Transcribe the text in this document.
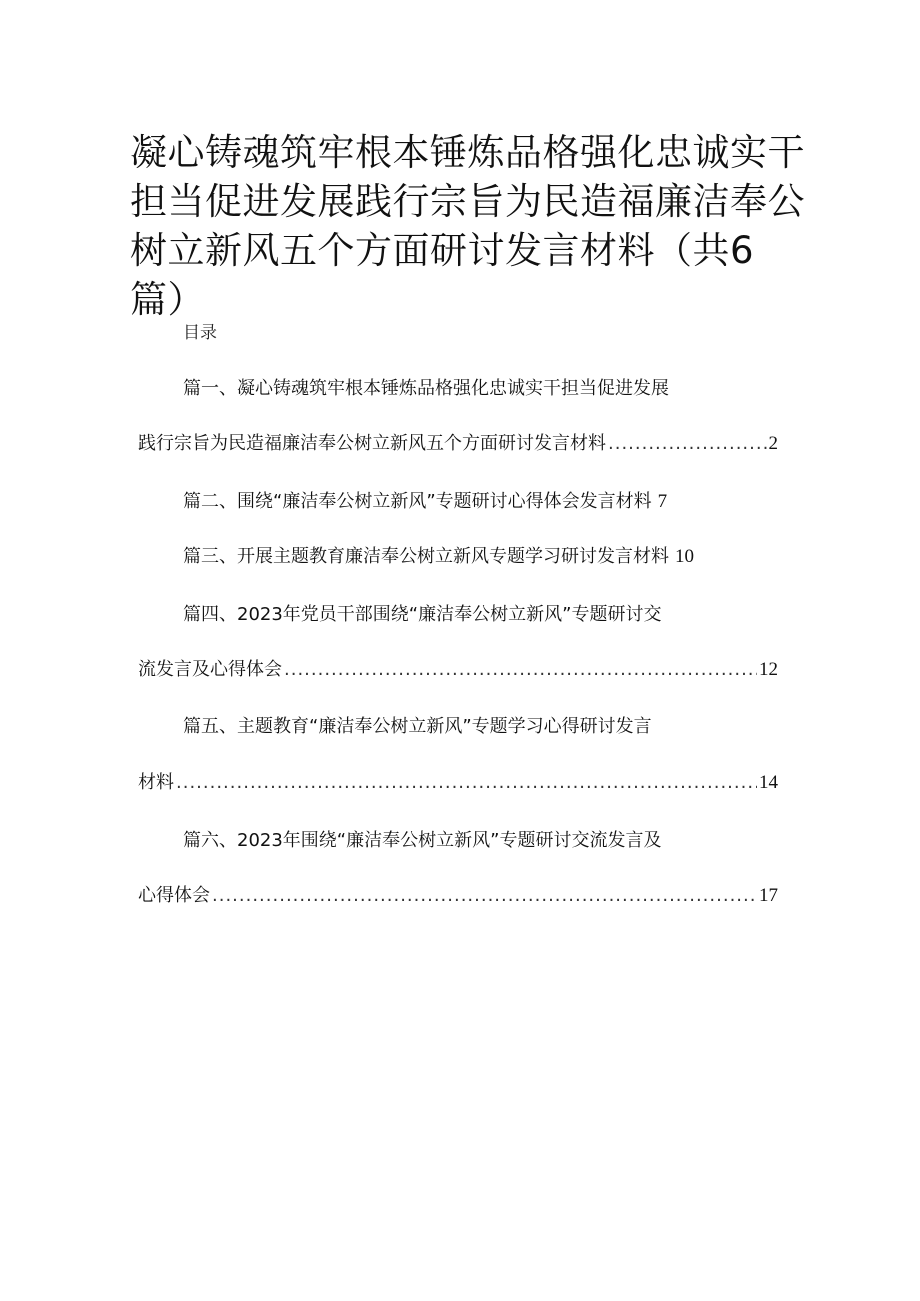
凝心铸魂筑牢根本锤炼品格强化忠诚实干担当促进发展践行宗旨为民造福廉洁奉公树立新风五个方面研讨发言材料（共6篇）
目录
篇一、凝心铸魂筑牢根本锤炼品格强化忠诚实干担当促进发展
践行宗旨为民造福廉洁奉公树立新风五个方面研讨发言材料 .....	2
篇二、围绕“廉洁奉公树立新风”专题研讨心得体会发言材料 7
篇三、开展主题教育廉洁奉公树立新风专题学习研讨发言材料 10
篇四、2023年党员干部围绕“廉洁奉公树立新风”专题研讨交
流发言及心得体会 .....	12
篇五、主题教育“廉洁奉公树立新风”专题学习心得研讨发言
材料 .....	14
篇六、2023年围绕“廉洁奉公树立新风”专题研讨交流发言及
心得体会 .....	17
